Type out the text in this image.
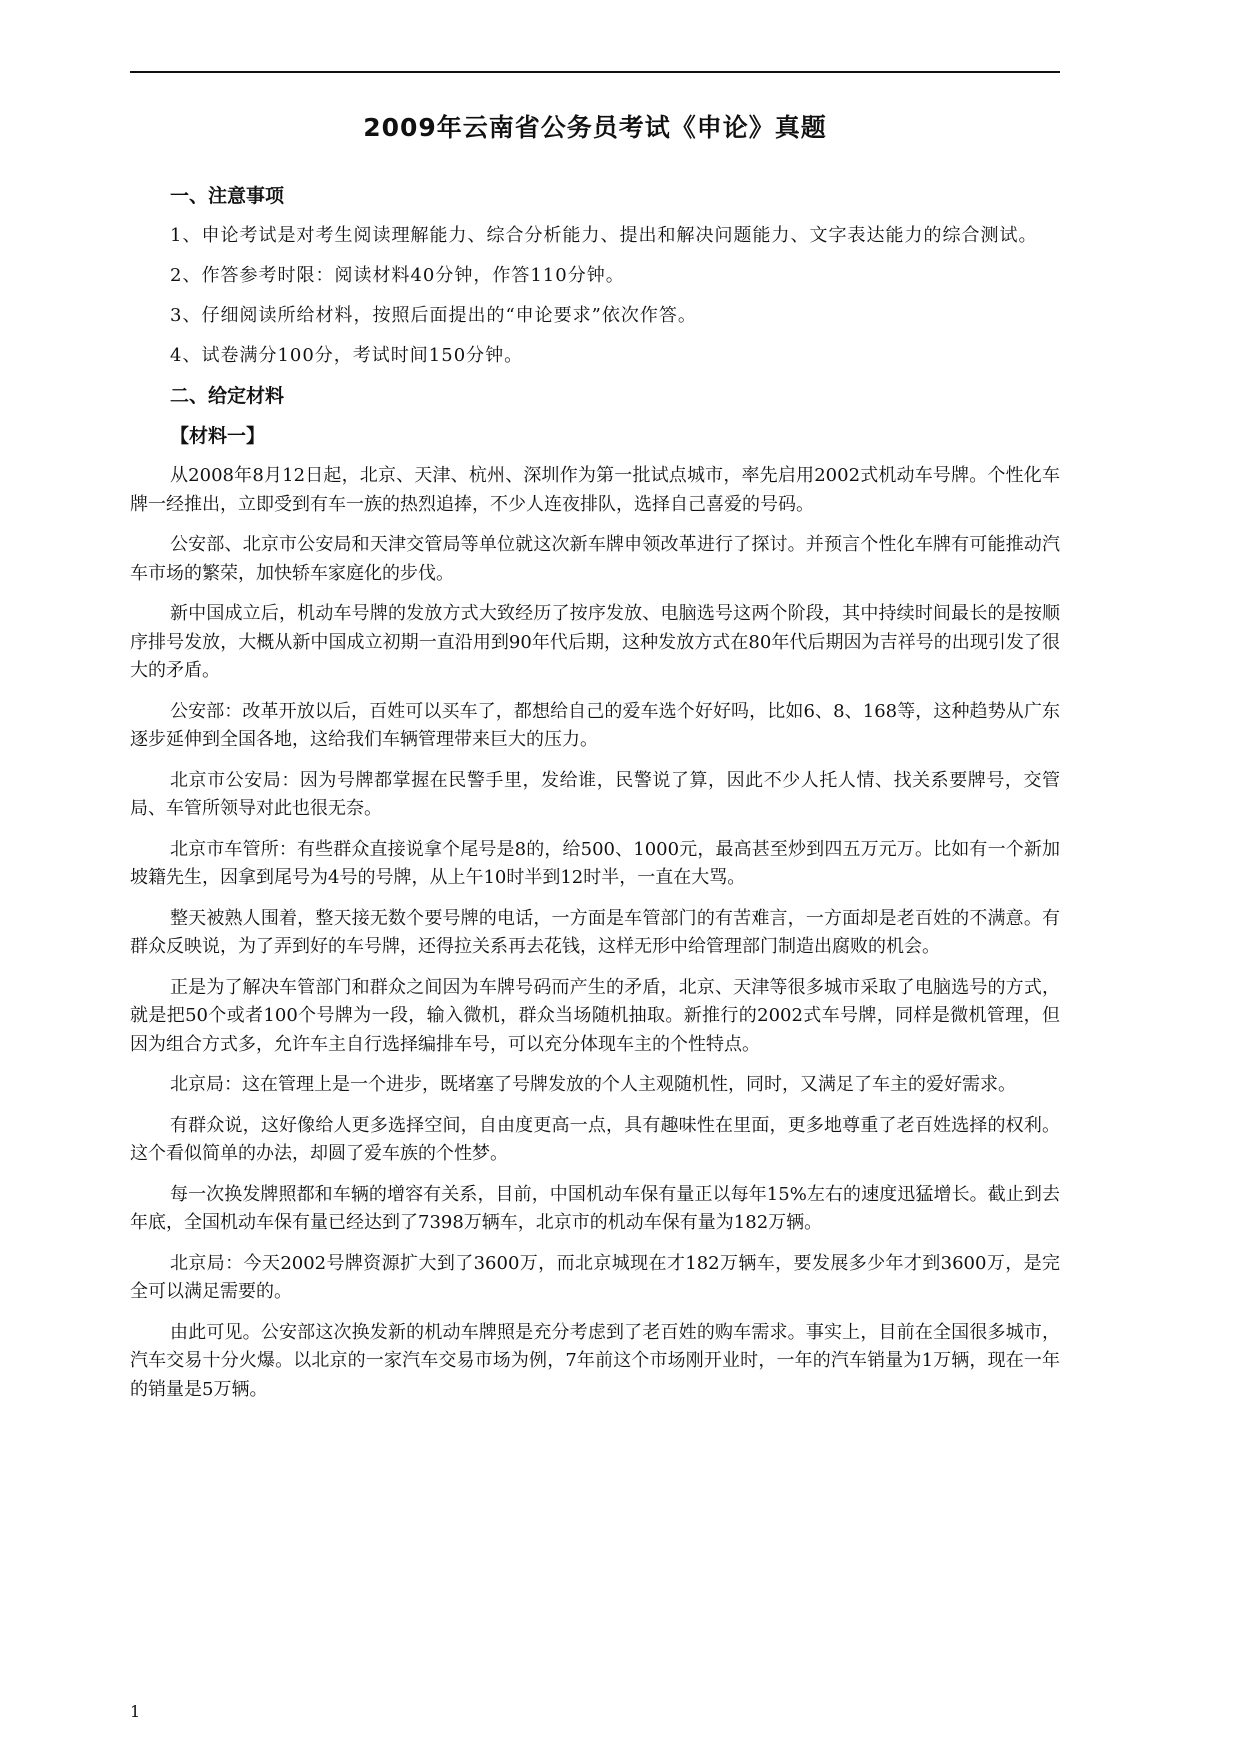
2009年云南省公务员考试《申论》真题

一、注意事项

1、申论考试是对考生阅读理解能力、综合分析能力、提出和解决问题能力、文字表达能力的综合测试。

2、作答参考时限：阅读材料40分钟，作答110分钟。

3、仔细阅读所给材料，按照后面提出的“申论要求”依次作答。

4、试卷满分100分，考试时间150分钟。

二、给定材料

【材料一】

从2008年8月12日起，北京、天津、杭州、深圳作为第一批试点城市，率先启用2002式机动车号牌。个性化车牌一经推出，立即受到有车一族的热烈追捧，不少人连夜排队，选择自己喜爱的号码。

公安部、北京市公安局和天津交管局等单位就这次新车牌申领改革进行了探讨。并预言个性化车牌有可能推动汽车市场的繁荣，加快轿车家庭化的步伐。

新中国成立后，机动车号牌的发放方式大致经历了按序发放、电脑选号这两个阶段，其中持续时间最长的是按顺序排号发放，大概从新中国成立初期一直沿用到90年代后期，这种发放方式在80年代后期因为吉祥号的出现引发了很大的矛盾。

公安部：改革开放以后，百姓可以买车了，都想给自己的爱车选个好好吗，比如6、8、168等，这种趋势从广东逐步延伸到全国各地，这给我们车辆管理带来巨大的压力。

北京市公安局：因为号牌都掌握在民警手里，发给谁，民警说了算，因此不少人托人情、找关系要牌号，交管局、车管所领导对此也很无奈。

北京市车管所：有些群众直接说拿个尾号是8的，给500、1000元，最高甚至炒到四五万元万。比如有一个新加坡籍先生，因拿到尾号为4号的号牌，从上午10时半到12时半，一直在大骂。

整天被熟人围着，整天接无数个要号牌的电话，一方面是车管部门的有苦难言，一方面却是老百姓的不满意。有群众反映说，为了弄到好的车号牌，还得拉关系再去花钱，这样无形中给管理部门制造出腐败的机会。

正是为了解决车管部门和群众之间因为车牌号码而产生的矛盾，北京、天津等很多城市采取了电脑选号的方式，就是把50个或者100个号牌为一段，输入微机，群众当场随机抽取。新推行的2002式车号牌，同样是微机管理，但因为组合方式多，允许车主自行选择编排车号，可以充分体现车主的个性特点。

北京局：这在管理上是一个进步，既堵塞了号牌发放的个人主观随机性，同时，又满足了车主的爱好需求。

有群众说，这好像给人更多选择空间，自由度更高一点，具有趣味性在里面，更多地尊重了老百姓选择的权利。这个看似简单的办法，却圆了爱车族的个性梦。

每一次换发牌照都和车辆的增容有关系，目前，中国机动车保有量正以每年15%左右的速度迅猛增长。截止到去年底，全国机动车保有量已经达到了7398万辆车，北京市的机动车保有量为182万辆。

北京局：今天2002号牌资源扩大到了3600万，而北京城现在才182万辆车，要发展多少年才到3600万，是完全可以满足需要的。

由此可见。公安部这次换发新的机动车牌照是充分考虑到了老百姓的购车需求。事实上，目前在全国很多城市，汽车交易十分火爆。以北京的一家汽车交易市场为例，7年前这个市场刚开业时，一年的汽车销量为1万辆，现在一年的销量是5万辆。

1
